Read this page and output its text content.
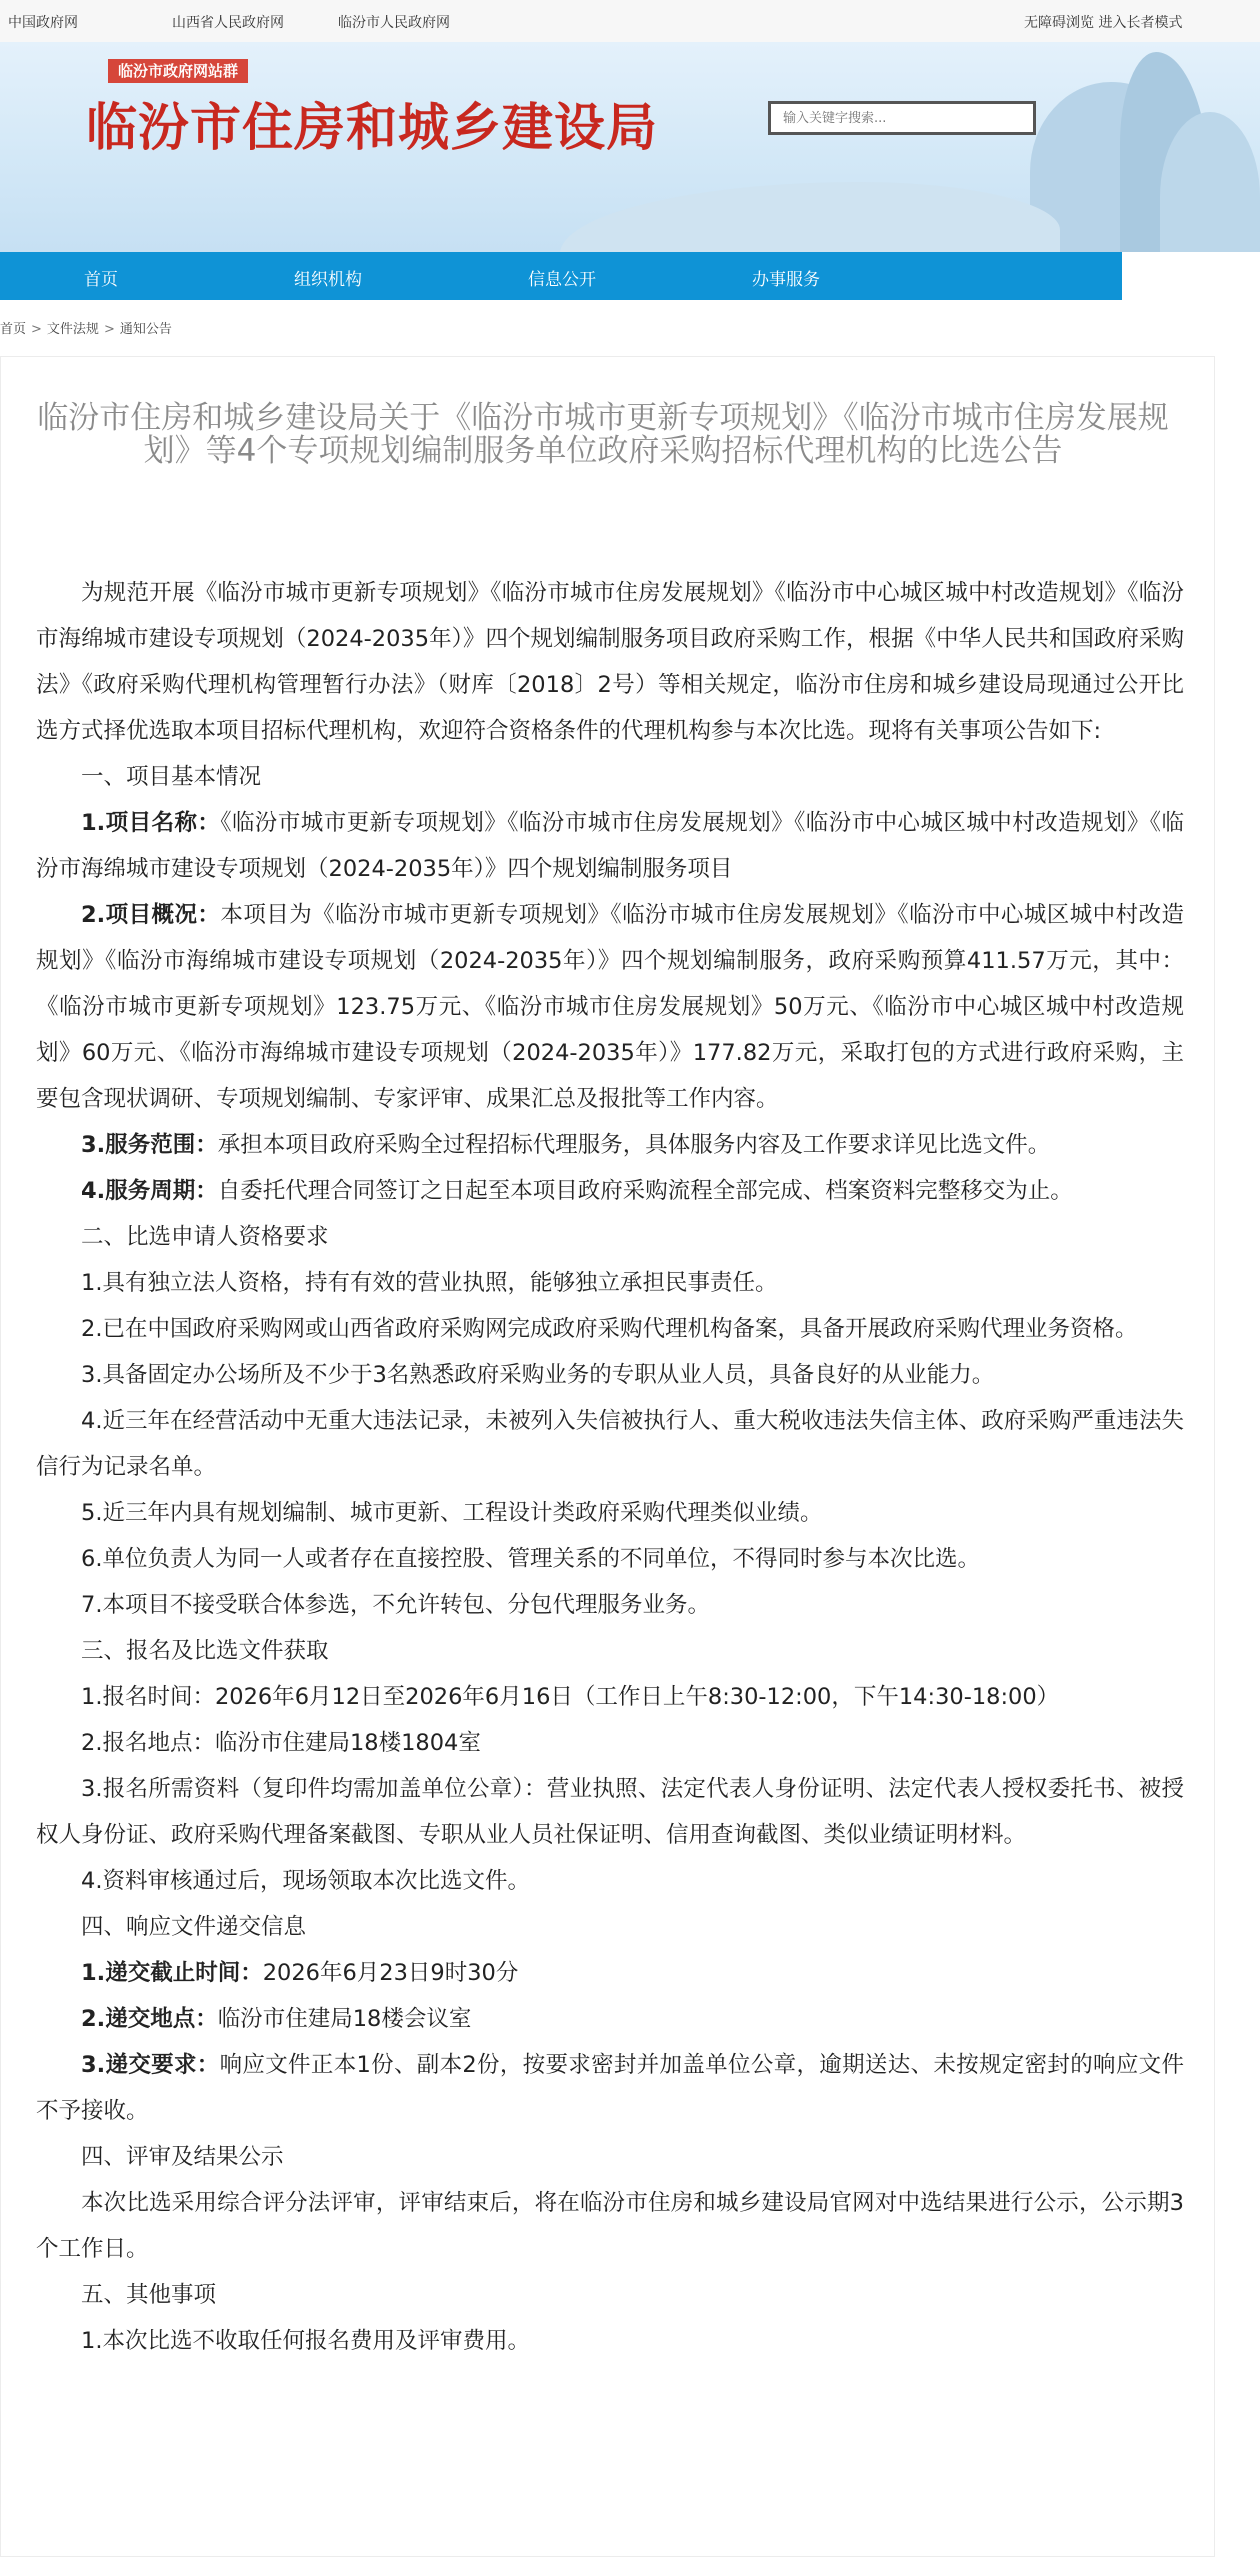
中国政府网	山西省人民政府网	临汾市人民政府网	无障碍浏览 进入长者模式
临汾市政府网站群
临汾市住房和城乡建设局
输入关键字搜索...
首页	组织机构	信息公开	办事服务
首页 > 文件法规 > 通知公告
临汾市住房和城乡建设局关于《临汾市城市更新专项规划》《临汾市城市住房发展规划》等4个专项规划编制服务单位政府采购招标代理机构的比选公告

为规范开展《临汾市城市更新专项规划》《临汾市城市住房发展规划》《临汾市中心城区城中村改造规划》《临汾市海绵城市建设专项规划（2024-2035年）》四个规划编制服务项目政府采购工作，根据《中华人民共和国政府采购法》《政府采购代理机构管理暂行办法》（财库〔2018〕2号）等相关规定，临汾市住房和城乡建设局现通过公开比选方式择优选取本项目招标代理机构，欢迎符合资格条件的代理机构参与本次比选。现将有关事项公告如下:

一、项目基本情况

1.项目名称：《临汾市城市更新专项规划》《临汾市城市住房发展规划》《临汾市中心城区城中村改造规划》《临汾市海绵城市建设专项规划（2024-2035年）》四个规划编制服务项目

2.项目概况：本项目为《临汾市城市更新专项规划》《临汾市城市住房发展规划》《临汾市中心城区城中村改造规划》《临汾市海绵城市建设专项规划（2024-2035年）》四个规划编制服务，政府采购预算411.57万元，其中：《临汾市城市更新专项规划》123.75万元、《临汾市城市住房发展规划》50万元、《临汾市中心城区城中村改造规划》60万元、《临汾市海绵城市建设专项规划（2024-2035年）》177.82万元，采取打包的方式进行政府采购，主要包含现状调研、专项规划编制、专家评审、成果汇总及报批等工作内容。

3.服务范围：承担本项目政府采购全过程招标代理服务，具体服务内容及工作要求详见比选文件。

4.服务周期：自委托代理合同签订之日起至本项目政府采购流程全部完成、档案资料完整移交为止。

二、比选申请人资格要求

1.具有独立法人资格，持有有效的营业执照，能够独立承担民事责任。

2.已在中国政府采购网或山西省政府采购网完成政府采购代理机构备案，具备开展政府采购代理业务资格。

3.具备固定办公场所及不少于3名熟悉政府采购业务的专职从业人员，具备良好的从业能力。

4.近三年在经营活动中无重大违法记录，未被列入失信被执行人、重大税收违法失信主体、政府采购严重违法失信行为记录名单。

5.近三年内具有规划编制、城市更新、工程设计类政府采购代理类似业绩。

6.单位负责人为同一人或者存在直接控股、管理关系的不同单位，不得同时参与本次比选。

7.本项目不接受联合体参选，不允许转包、分包代理服务业务。

三、报名及比选文件获取

1.报名时间：2026年6月12日至2026年6月16日（工作日上午8:30-12:00，下午14:30-18:00）

2.报名地点：临汾市住建局18楼1804室

3.报名所需资料（复印件均需加盖单位公章）：营业执照、法定代表人身份证明、法定代表人授权委托书、被授权人身份证、政府采购代理备案截图、专职从业人员社保证明、信用查询截图、类似业绩证明材料。

4.资料审核通过后，现场领取本次比选文件。

四、响应文件递交信息

1.递交截止时间：2026年6月23日9时30分

2.递交地点：临汾市住建局18楼会议室

3.递交要求：响应文件正本1份、副本2份，按要求密封并加盖单位公章，逾期送达、未按规定密封的响应文件不予接收。

四、评审及结果公示

本次比选采用综合评分法评审，评审结束后，将在临汾市住房和城乡建设局官网对中选结果进行公示，公示期3个工作日。

五、其他事项

1.本次比选不收取任何报名费用及评审费用。
